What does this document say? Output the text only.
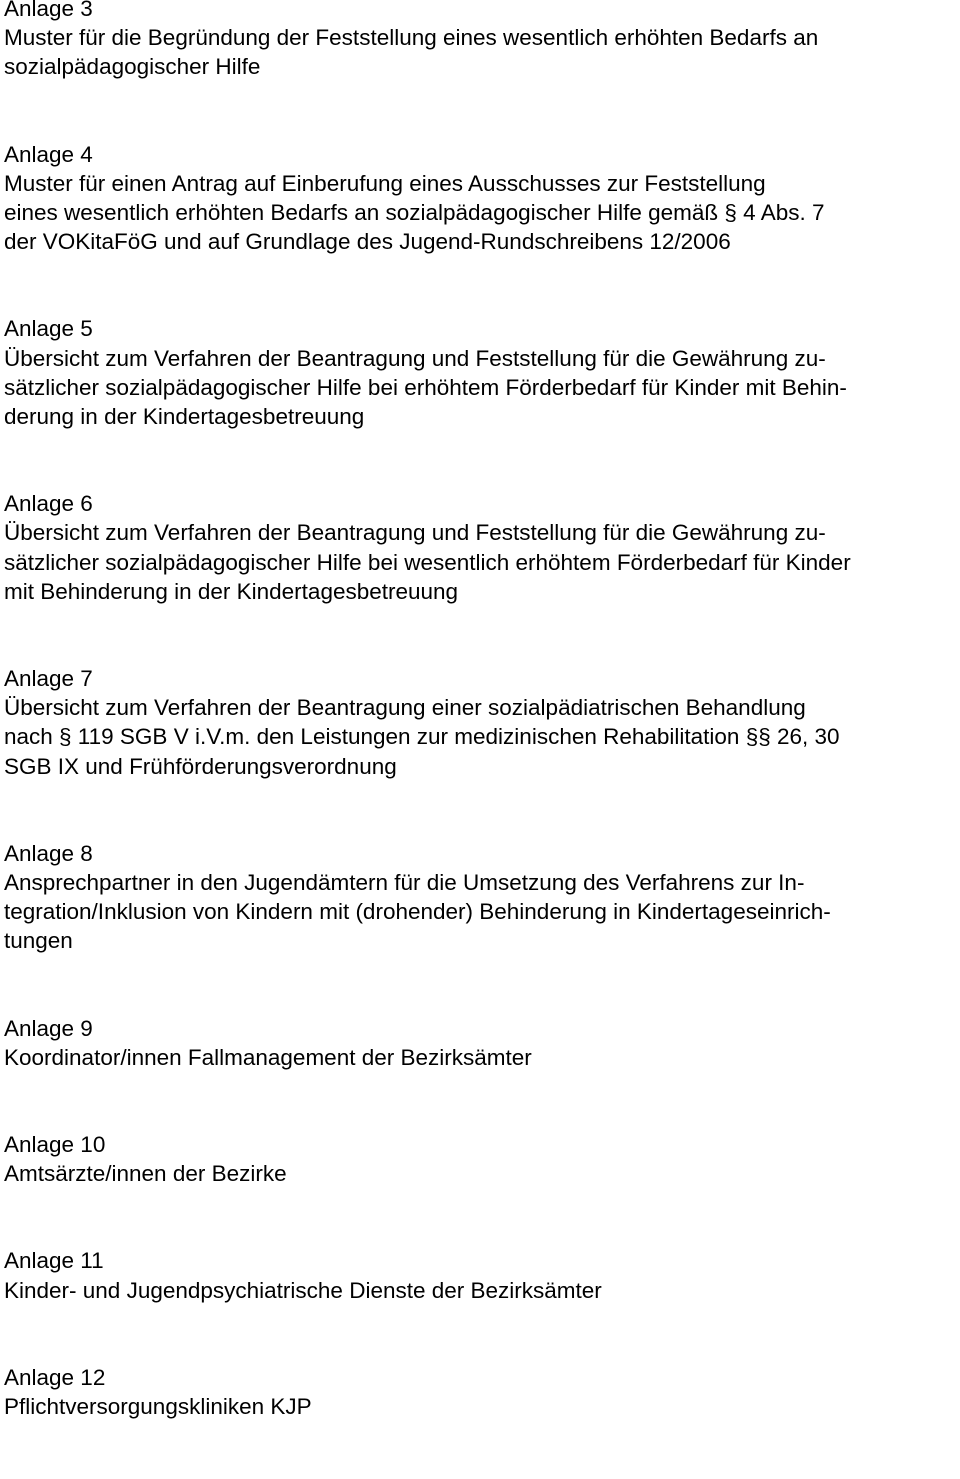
Anlage 3
Muster für die Begründung der Feststellung eines wesentlich erhöhten Bedarfs an
sozialpädagogischer Hilfe
Anlage 4
Muster für einen Antrag auf Einberufung eines Ausschusses zur Feststellung
eines wesentlich erhöhten Bedarfs an sozialpädagogischer Hilfe gemäß § 4 Abs. 7
der VOKitaFöG und auf Grundlage des Jugend-Rundschreibens 12/2006
Anlage 5
Übersicht zum Verfahren der Beantragung und Feststellung für die Gewährung zu-
sätzlicher sozialpädagogischer Hilfe bei erhöhtem Förderbedarf für Kinder mit Behin-
derung in der Kindertagesbetreuung
Anlage 6
Übersicht zum Verfahren der Beantragung und Feststellung für die Gewährung zu-
sätzlicher sozialpädagogischer Hilfe bei wesentlich erhöhtem Förderbedarf für Kinder
mit Behinderung in der Kindertagesbetreuung
Anlage 7
Übersicht zum Verfahren der Beantragung einer sozialpädiatrischen Behandlung
nach § 119 SGB V i.V.m. den Leistungen zur medizinischen Rehabilitation §§ 26, 30
SGB IX und Frühförderungsverordnung
Anlage 8
Ansprechpartner in den Jugendämtern für die Umsetzung des Verfahrens zur In-
tegration/Inklusion von Kindern mit (drohender) Behinderung in Kindertageseinrich-
tungen
Anlage 9
Koordinator/innen Fallmanagement der Bezirksämter
Anlage 10
Amtsärzte/innen der Bezirke
Anlage 11
Kinder- und Jugendpsychiatrische Dienste der Bezirksämter
Anlage 12
Pflichtversorgungskliniken KJP
